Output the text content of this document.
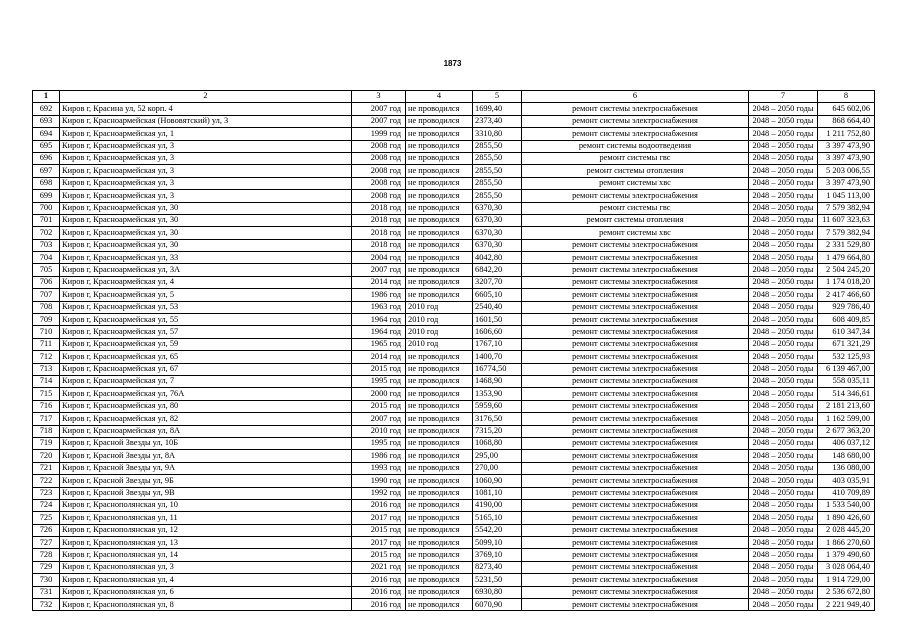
1873
1	2	3	4	5	6	7	8
692	Киров г, Красина ул, 52 корп. 4	2007 год	не проводился	1699,40	ремонт системы электроснабжения	2048 – 2050 годы	645 602,06
693	Киров г, Красноармейская (Нововятский) ул, 3	2007 год	не проводился	2373,40	ремонт системы электроснабжения	2048 – 2050 годы	868 664,40
694	Киров г, Красноармейская ул, 1	1999 год	не проводился	3310,80	ремонт системы электроснабжения	2048 – 2050 годы	1 211 752,80
695	Киров г, Красноармейская ул, 3	2008 год	не проводился	2855,50	ремонт системы водоотведения	2048 – 2050 годы	3 397 473,90
696	Киров г, Красноармейская ул, 3	2008 год	не проводился	2855,50	ремонт системы гвс	2048 – 2050 годы	3 397 473,90
697	Киров г, Красноармейская ул, 3	2008 год	не проводился	2855,50	ремонт системы отопления	2048 – 2050 годы	5 203 006,55
698	Киров г, Красноармейская ул, 3	2008 год	не проводился	2855,50	ремонт системы хвс	2048 – 2050 годы	3 397 473,90
699	Киров г, Красноармейская ул, 3	2008 год	не проводился	2855,50	ремонт системы электроснабжения	2048 – 2050 годы	1 045 113,00
700	Киров г, Красноармейская ул, 30	2018 год	не проводился	6370,30	ремонт системы гвс	2048 – 2050 годы	7 579 382,94
701	Киров г, Красноармейская ул, 30	2018 год	не проводился	6370,30	ремонт системы отопления	2048 – 2050 годы	11 607 323,63
702	Киров г, Красноармейская ул, 30	2018 год	не проводился	6370,30	ремонт системы хвс	2048 – 2050 годы	7 579 382,94
703	Киров г, Красноармейская ул, 30	2018 год	не проводился	6370,30	ремонт системы электроснабжения	2048 – 2050 годы	2 331 529,80
704	Киров г, Красноармейская ул, 33	2004 год	не проводился	4042,80	ремонт системы электроснабжения	2048 – 2050 годы	1 479 664,80
705	Киров г, Красноармейская ул, 3А	2007 год	не проводился	6842,20	ремонт системы электроснабжения	2048 – 2050 годы	2 504 245,20
706	Киров г, Красноармейская ул, 4	2014 год	не проводился	3207,70	ремонт системы электроснабжения	2048 – 2050 годы	1 174 018,20
707	Киров г, Красноармейская ул, 5	1986 год	не проводился	6605,10	ремонт системы электроснабжения	2048 – 2050 годы	2 417 466,60
708	Киров г, Красноармейская ул, 53	1963 год	2010 год	2540,40	ремонт системы электроснабжения	2048 – 2050 годы	929 786,40
709	Киров г, Красноармейская ул, 55	1964 год	2010 год	1601,50	ремонт системы электроснабжения	2048 – 2050 годы	608 409,85
710	Киров г, Красноармейская ул, 57	1964 год	2010 год	1606,60	ремонт системы электроснабжения	2048 – 2050 годы	610 347,34
711	Киров г, Красноармейская ул, 59	1965 год	2010 год	1767,10	ремонт системы электроснабжения	2048 – 2050 годы	671 321,29
712	Киров г, Красноармейская ул, 65	2014 год	не проводился	1400,70	ремонт системы электроснабжения	2048 – 2050 годы	532 125,93
713	Киров г, Красноармейская ул, 67	2015 год	не проводился	16774,50	ремонт системы электроснабжения	2048 – 2050 годы	6 139 467,00
714	Киров г, Красноармейская ул, 7	1995 год	не проводился	1468,90	ремонт системы электроснабжения	2048 – 2050 годы	558 035,11
715	Киров г, Красноармейская ул, 76А	2000 год	не проводился	1353,90	ремонт системы электроснабжения	2048 – 2050 годы	514 346,61
716	Киров г, Красноармейская ул, 80	2015 год	не проводился	5959,60	ремонт системы электроснабжения	2048 – 2050 годы	2 181 213,60
717	Киров г, Красноармейская ул, 82	2007 год	не проводился	3176,50	ремонт системы электроснабжения	2048 – 2050 годы	1 162 599,00
718	Киров г, Красноармейская ул, 8А	2010 год	не проводился	7315,20	ремонт системы электроснабжения	2048 – 2050 годы	2 677 363,20
719	Киров г, Красной Звезды ул, 10Б	1995 год	не проводился	1068,80	ремонт системы электроснабжения	2048 – 2050 годы	406 037,12
720	Киров г, Красной Звезды ул, 8А	1986 год	не проводился	295,00	ремонт системы электроснабжения	2048 – 2050 годы	148 680,00
721	Киров г, Красной Звезды ул, 9А	1993 год	не проводился	270,00	ремонт системы электроснабжения	2048 – 2050 годы	136 080,00
722	Киров г, Красной Звезды ул, 9Б	1990 год	не проводился	1060,90	ремонт системы электроснабжения	2048 – 2050 годы	403 035,91
723	Киров г, Красной Звезды ул, 9В	1992 год	не проводился	1081,10	ремонт системы электроснабжения	2048 – 2050 годы	410 709,89
724	Киров г, Краснополянская ул, 10	2016 год	не проводился	4190,00	ремонт системы электроснабжения	2048 – 2050 годы	1 533 540,00
725	Киров г, Краснополянская ул, 11	2017 год	не проводился	5165,10	ремонт системы электроснабжения	2048 – 2050 годы	1 890 426,60
726	Киров г, Краснополянская ул, 12	2015 год	не проводился	5542,20	ремонт системы электроснабжения	2048 – 2050 годы	2 028 445,20
727	Киров г, Краснополянская ул, 13	2017 год	не проводился	5099,10	ремонт системы электроснабжения	2048 – 2050 годы	1 866 270,60
728	Киров г, Краснополянская ул, 14	2015 год	не проводился	3769,10	ремонт системы электроснабжения	2048 – 2050 годы	1 379 490,60
729	Киров г, Краснополянская ул, 3	2021 год	не проводился	8273,40	ремонт системы электроснабжения	2048 – 2050 годы	3 028 064,40
730	Киров г, Краснополянская ул, 4	2016 год	не проводился	5231,50	ремонт системы электроснабжения	2048 – 2050 годы	1 914 729,00
731	Киров г, Краснополянская ул, 6	2016 год	не проводился	6930,80	ремонт системы электроснабжения	2048 – 2050 годы	2 536 672,80
732	Киров г, Краснополянская ул, 8	2016 год	не проводился	6070,90	ремонт системы электроснабжения	2048 – 2050 годы	2 221 949,40
